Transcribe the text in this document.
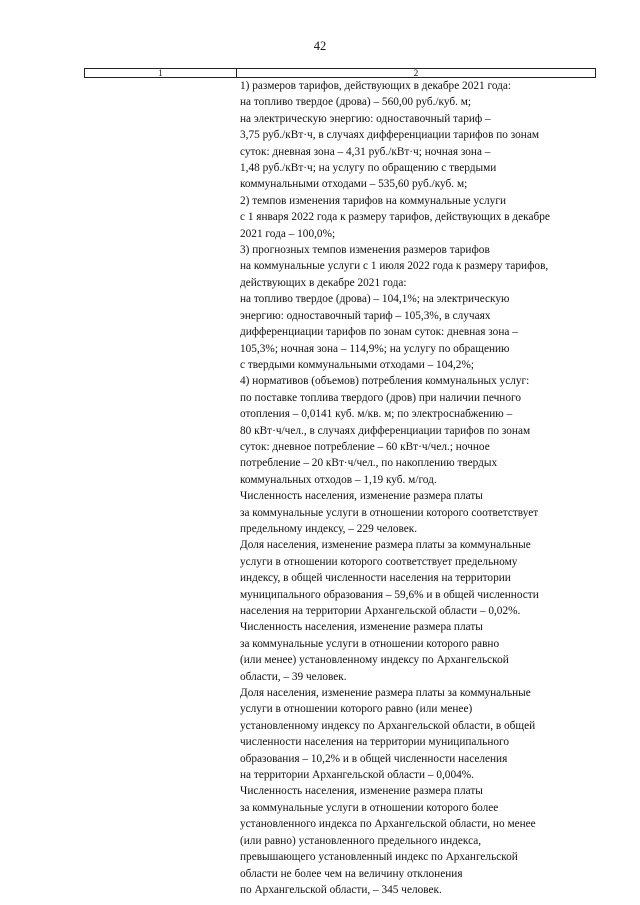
42
1	2
1) размеров тарифов, действующих в декабре 2021 года:
на топливо твердое (дрова) – 560,00 руб./куб. м;
на электрическую энергию: одноставочный тариф –
3,75 руб./кВт·ч, в случаях дифференциации тарифов по зонам
суток: дневная зона – 4,31 руб./кВт·ч; ночная зона –
1,48 руб./кВт·ч; на услугу по обращению с твердыми
коммунальными отходами – 535,60 руб./куб. м;
2) темпов изменения тарифов на коммунальные услуги
с 1 января 2022 года к размеру тарифов, действующих в декабре
2021 года – 100,0%;
3) прогнозных темпов изменения размеров тарифов
на коммунальные услуги с 1 июля 2022 года к размеру тарифов,
действующих в декабре 2021 года:
на топливо твердое (дрова) – 104,1%; на электрическую
энергию: одноставочный тариф – 105,3%, в случаях
дифференциации тарифов по зонам суток: дневная зона –
105,3%; ночная зона – 114,9%; на услугу по обращению
с твердыми коммунальными отходами – 104,2%;
4) нормативов (объемов) потребления коммунальных услуг:
по поставке топлива твердого (дров) при наличии печного
отопления – 0,0141 куб. м/кв. м; по электроснабжению –
80 кВт·ч/чел., в случаях дифференциации тарифов по зонам
суток: дневное потребление – 60 кВт·ч/чел.; ночное
потребление – 20 кВт·ч/чел., по накоплению твердых
коммунальных отходов – 1,19 куб. м/год.
Численность населения, изменение размера платы
за коммунальные услуги в отношении которого соответствует
предельному индексу, – 229 человек.
Доля населения, изменение размера платы за коммунальные
услуги в отношении которого соответствует предельному
индексу, в общей численности населения на территории
муниципального образования – 59,6% и в общей численности
населения на территории Архангельской области – 0,02%.
Численность населения, изменение размера платы
за коммунальные услуги в отношении которого равно
(или менее) установленному индексу по Архангельской
области, – 39 человек.
Доля населения, изменение размера платы за коммунальные
услуги в отношении которого равно (или менее)
установленному индексу по Архангельской области, в общей
численности населения на территории муниципального
образования – 10,2% и в общей численности населения
на территории Архангельской области – 0,004%.
Численность населения, изменение размера платы
за коммунальные услуги в отношении которого более
установленного индекса по Архангельской области, но менее
(или равно) установленного предельного индекса,
превышающего установленный индекс по Архангельской
области не более чем на величину отклонения
по Архангельской области, – 345 человек.
